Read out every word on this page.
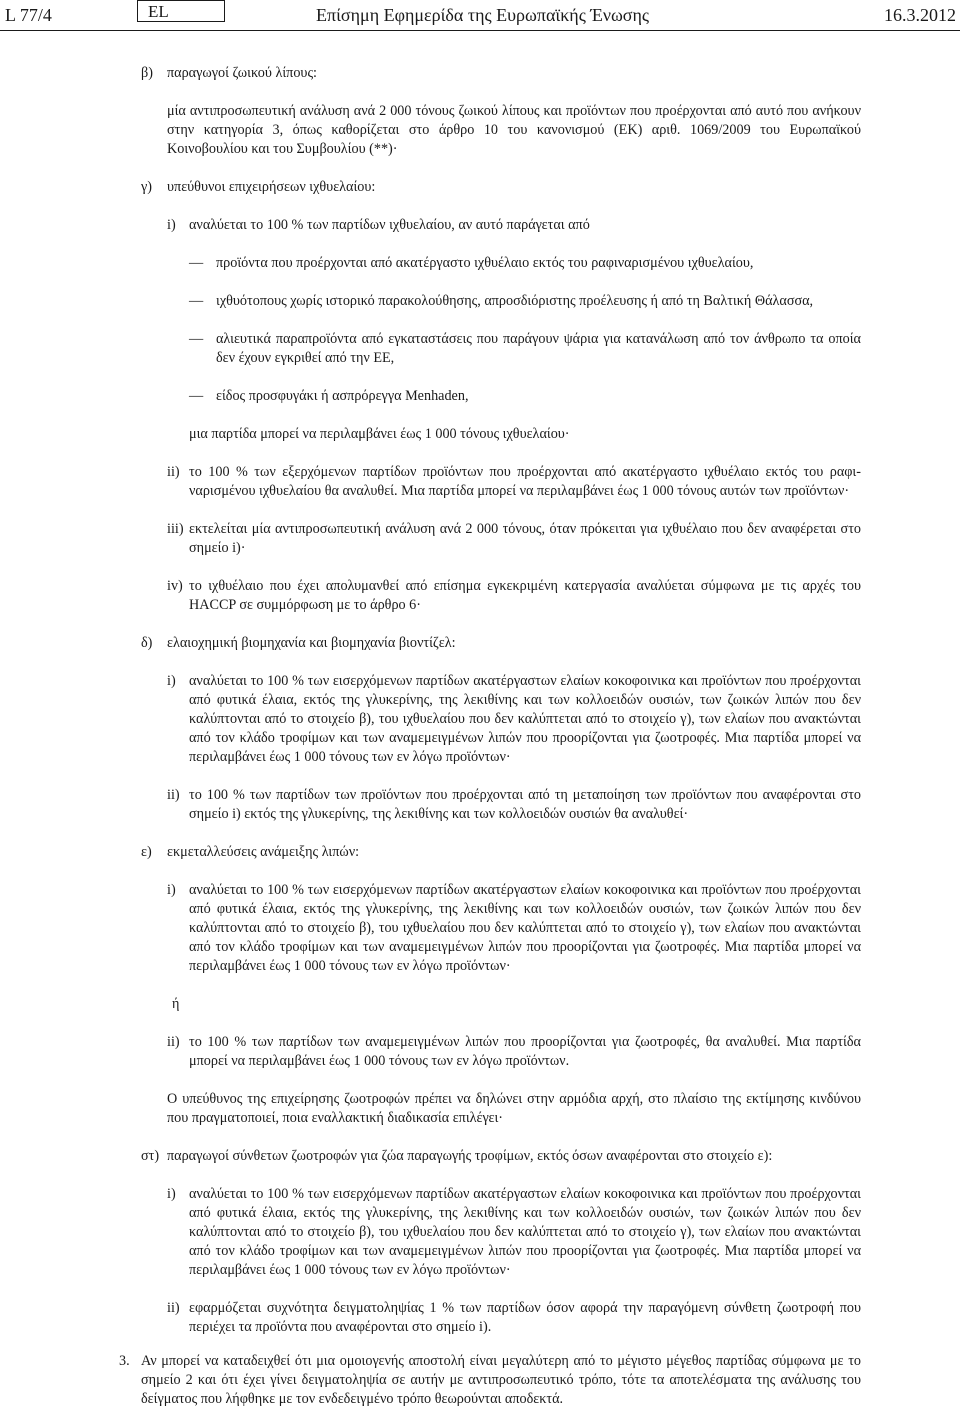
L 77/4	EL	Επίσημη Εφημερίδα της Ευρωπαϊκής Ένωσης	16.3.2012
β) παραγωγοί ζωικού λίπους:
μία αντιπροσωπευτική ανάλυση ανά 2 000 τόνους ζωικού λίπους και προϊόντων που προέρχονται από αυτό που ανήκουν στην κατηγορία 3, όπως καθορίζεται στο άρθρο 10 του κανονισμού (ΕΚ) αριθ. 1069/2009 του Ευρωπαϊκού Κοινοβουλίου και του Συμβουλίου (**)·
γ) υπεύθυνοι επιχειρήσεων ιχθυελαίου:
i) αναλύεται το 100 % των παρτίδων ιχθυελαίου, αν αυτό παράγεται από
— προϊόντα που προέρχονται από ακατέργαστο ιχθυέλαιο εκτός του ραφιναρισμένου ιχθυελαίου,
— ιχθυότοπους χωρίς ιστορικό παρακολούθησης, απροσδιόριστης προέλευσης ή από τη Βαλτική Θάλασσα,
— αλιευτικά παραπροϊόντα από εγκαταστάσεις που παράγουν ψάρια για κατανάλωση από τον άνθρωπο τα οποία δεν έχουν εγκριθεί από την ΕΕ,
— είδος προσφυγάκι ή ασπρόρεγγα Menhaden,
μια παρτίδα μπορεί να περιλαμβάνει έως 1 000 τόνους ιχθυελαίου·
ii) το 100 % των εξερχόμενων παρτίδων προϊόντων που προέρχονται από ακατέργαστο ιχθυέλαιο εκτός του ραφιναρισμένου ιχθυελαίου θα αναλυθεί. Μια παρτίδα μπορεί να περιλαμβάνει έως 1 000 τόνους αυτών των προϊόντων·
iii) εκτελείται μία αντιπροσωπευτική ανάλυση ανά 2 000 τόνους, όταν πρόκειται για ιχθυέλαιο που δεν αναφέρεται στο σημείο i)·
iv) το ιχθυέλαιο που έχει απολυμανθεί από επίσημα εγκεκριμένη κατεργασία αναλύεται σύμφωνα με τις αρχές του HACCP σε συμμόρφωση με το άρθρο 6·
δ) ελαιοχημική βιομηχανία και βιομηχανία βιοντίζελ:
i) αναλύεται το 100 % των εισερχόμενων παρτίδων ακατέργαστων ελαίων κοκοφοινικα και προϊόντων που προέρχονται από φυτικά έλαια, εκτός της γλυκερίνης, της λεκιθίνης και των κολλοειδών ουσιών, των ζωικών λιπών που δεν καλύπτονται από το στοιχείο β), του ιχθυελαίου που δεν καλύπτεται από το στοιχείο γ), των ελαίων που ανακτώνται από τον κλάδο τροφίμων και των αναμεμειγμένων λιπών που προορίζονται για ζωοτροφές. Μια παρτίδα μπορεί να περιλαμβάνει έως 1 000 τόνους των εν λόγω προϊόντων·
ii) το 100 % των παρτίδων των προϊόντων που προέρχονται από τη μεταποίηση των προϊόντων που αναφέρονται στο σημείο i) εκτός της γλυκερίνης, της λεκιθίνης και των κολλοειδών ουσιών θα αναλυθεί·
ε) εκμεταλλεύσεις ανάμειξης λιπών:
i) αναλύεται το 100 % των εισερχόμενων παρτίδων ακατέργαστων ελαίων κοκοφοινικα και προϊόντων που προέρχονται από φυτικά έλαια, εκτός της γλυκερίνης, της λεκιθίνης και των κολλοειδών ουσιών, των ζωικών λιπών που δεν καλύπτονται από το στοιχείο β), του ιχθυελαίου που δεν καλύπτεται από το στοιχείο γ), των ελαίων που ανακτώνται από τον κλάδο τροφίμων και των αναμεμειγμένων λιπών που προορίζονται για ζωοτροφές. Μια παρτίδα μπορεί να περιλαμβάνει έως 1 000 τόνους των εν λόγω προϊόντων·
ή
ii) το 100 % των παρτίδων των αναμεμειγμένων λιπών που προορίζονται για ζωοτροφές, θα αναλυθεί. Μια παρτίδα μπορεί να περιλαμβάνει έως 1 000 τόνους των εν λόγω προϊόντων.
Ο υπεύθυνος της επιχείρησης ζωοτροφών πρέπει να δηλώνει στην αρμόδια αρχή, στο πλαίσιο της εκτίμησης κινδύνου που πραγματοποιεί, ποια εναλλακτική διαδικασία επιλέγει·
στ) παραγωγοί σύνθετων ζωοτροφών για ζώα παραγωγής τροφίμων, εκτός όσων αναφέρονται στο στοιχείο ε):
i) αναλύεται το 100 % των εισερχόμενων παρτίδων ακατέργαστων ελαίων κοκοφοινικα και προϊόντων που προέρχονται από φυτικά έλαια, εκτός της γλυκερίνης, της λεκιθίνης και των κολλοειδών ουσιών, των ζωικών λιπών που δεν καλύπτονται από το στοιχείο β), του ιχθυελαίου που δεν καλύπτεται από το στοιχείο γ), των ελαίων που ανακτώνται από τον κλάδο τροφίμων και των αναμεμειγμένων λιπών που προορίζονται για ζωοτροφές. Μια παρτίδα μπορεί να περιλαμβάνει έως 1 000 τόνους των εν λόγω προϊόντων·
ii) εφαρμόζεται συχνότητα δειγματοληψίας 1 % των παρτίδων όσον αφορά την παραγόμενη σύνθετη ζωοτροφή που περιέχει τα προϊόντα που αναφέρονται στο σημείο i).
3. Αν μπορεί να καταδειχθεί ότι μια ομοιογενής αποστολή είναι μεγαλύτερη από το μέγιστο μέγεθος παρτίδας σύμφωνα με το σημείο 2 και ότι έχει γίνει δειγματοληψία σε αυτήν με αντιπροσωπευτικό τρόπο, τότε τα αποτελέσματα της ανάλυσης του δείγματος που λήφθηκε με τον ενδεδειγμένο τρόπο θεωρούνται αποδεκτά.
